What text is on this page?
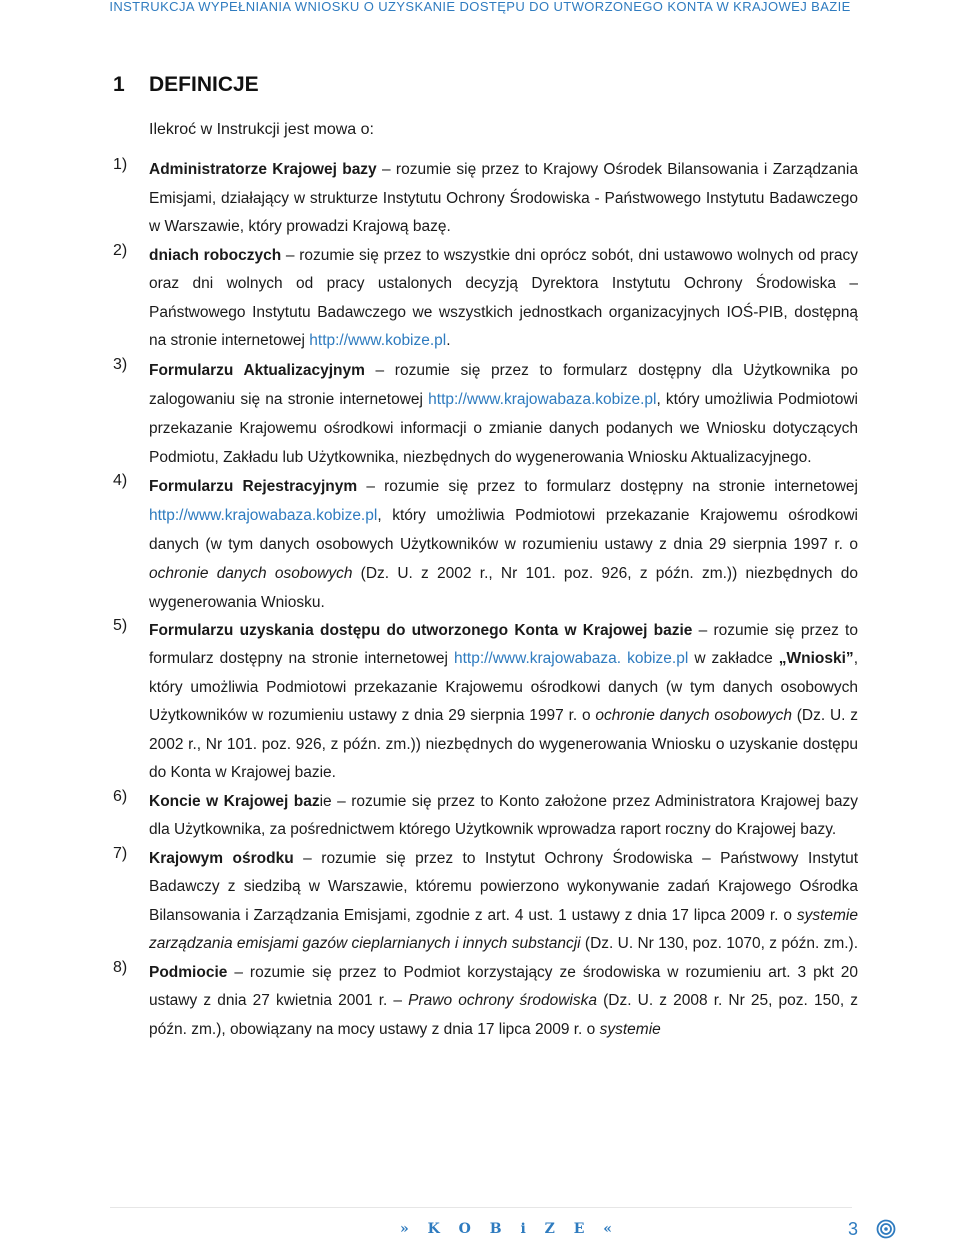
INSTRUKCJA WYPEŁNIANIA WNIOSKU O UZYSKANIE DOSTĘPU DO UTWORZONEGO KONTA W KRAJOWEJ BAZIE
1 DEFINICJE
Ilekroć w Instrukcji jest mowa o:
1) Administratorze Krajowej bazy – rozumie się przez to Krajowy Ośrodek Bilansowania i Zarządzania Emisjami, działający w strukturze Instytutu Ochrony Środowiska - Państwowego Instytutu Badawczego w Warszawie, który prowadzi Krajową bazę.
2) dniach roboczych – rozumie się przez to wszystkie dni oprócz sobót, dni ustawowo wolnych od pracy oraz dni wolnych od pracy ustalonych decyzją Dyrektora Instytutu Ochrony Środowiska – Państwowego Instytutu Badawczego we wszystkich jednostkach organizacyjnych IOŚ-PIB, dostępną na stronie internetowej http://www.kobize.pl.
3) Formularzu Aktualizacyjnym – rozumie się przez to formularz dostępny dla Użytkownika po zalogowaniu się na stronie internetowej http://www.krajowabaza.kobize.pl, który umożliwia Podmiotowi przekazanie Krajowemu ośrodkowi informacji o zmianie danych podanych we Wniosku dotyczących Podmiotu, Zakładu lub Użytkownika, niezbędnych do wygenerowania Wniosku Aktualizacyjnego.
4) Formularzu Rejestracyjnym – rozumie się przez to formularz dostępny na stronie internetowej http://www.krajowabaza.kobize.pl, który umożliwia Podmiotowi przekazanie Krajowemu ośrodkowi danych (w tym danych osobowych Użytkowników w rozumieniu ustawy z dnia 29 sierpnia 1997 r. o ochronie danych osobowych (Dz. U. z 2002 r., Nr 101. poz. 926, z późn. zm.)) niezbędnych do wygenerowania Wniosku.
5) Formularzu uzyskania dostępu do utworzonego Konta w Krajowej bazie – rozumie się przez to formularz dostępny na stronie internetowej http://www.krajowabaza. kobize.pl w zakładce „Wnioski”, który umożliwia Podmiotowi przekazanie Krajowemu ośrodkowi danych (w tym danych osobowych Użytkowników w rozumieniu ustawy z dnia 29 sierpnia 1997 r. o ochronie danych osobowych (Dz. U. z 2002 r., Nr 101. poz. 926, z późn. zm.)) niezbędnych do wygenerowania Wniosku o uzyskanie dostępu do Konta w Krajowej bazie.
6) Koncie w Krajowej bazie – rozumie się przez to Konto założone przez Administratora Krajowej bazy dla Użytkownika, za pośrednictwem którego Użytkownik wprowadza raport roczny do Krajowej bazy.
7) Krajowym ośrodku – rozumie się przez to Instytut Ochrony Środowiska – Państwowy Instytut Badawczy z siedzibą w Warszawie, któremu powierzono wykonywanie zadań Krajowego Ośrodka Bilansowania i Zarządzania Emisjami, zgodnie z art. 4 ust. 1 ustawy z dnia 17 lipca 2009 r. o systemie zarządzania emisjami gazów cieplarnianych i innych substancji (Dz. U. Nr 130, poz. 1070, z późn. zm.).
8) Podmiocie – rozumie się przez to Podmiot korzystający ze środowiska w rozumieniu art. 3 pkt 20 ustawy z dnia 27 kwietnia 2001 r. – Prawo ochrony środowiska (Dz. U. z 2008 r. Nr 25, poz. 150, z późn. zm.), obowiązany na mocy ustawy z dnia 17 lipca 2009 r. o systemie
» K O B i Z E «	3
